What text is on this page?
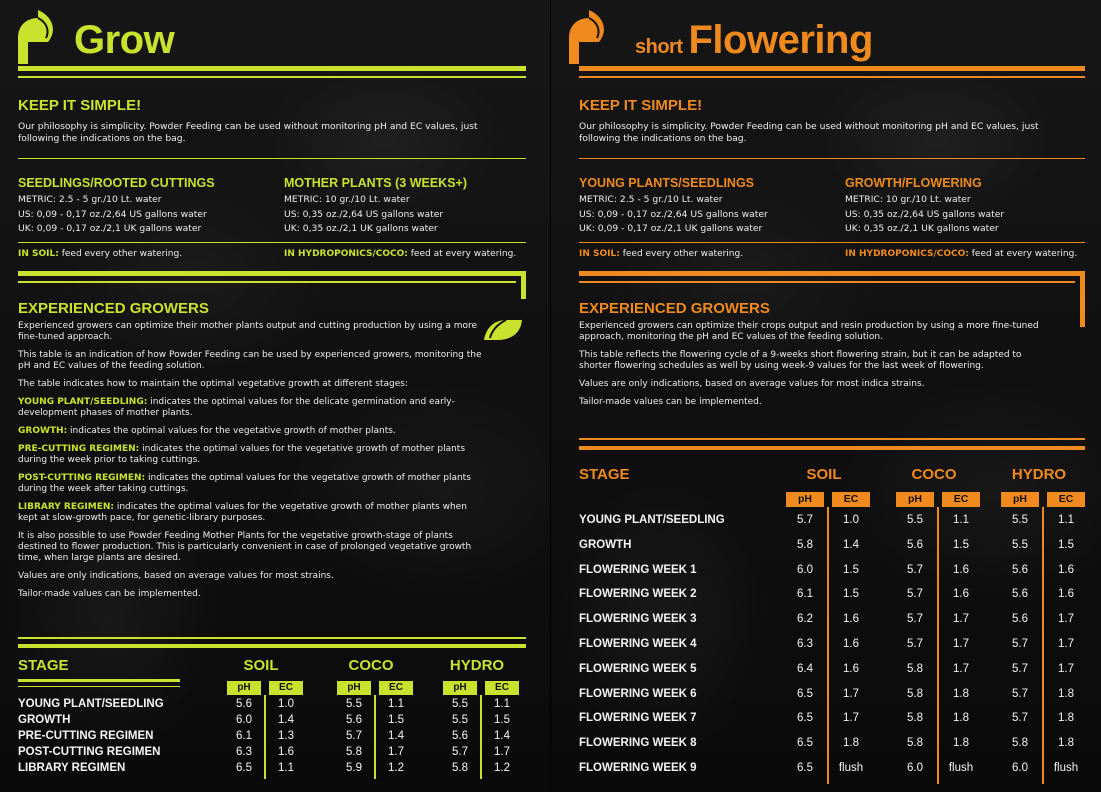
Grow
KEEP IT SIMPLE!
Our philosophy is simplicity. Powder Feeding can be used without monitoring pH and EC values, just following the indications on the bag.
SEEDLINGS/ROOTED CUTTINGS
METRIC: 2.5 - 5 gr./10 Lt. water
US: 0,09 - 0,17 oz./2,64 US gallons water
UK: 0,09 - 0,17 oz./2,1 UK gallons water
MOTHER PLANTS (3 WEEKS+)
METRIC: 10 gr./10 Lt. water
US: 0,35 oz./2,64 US gallons water
UK: 0,35 oz./2,1 UK gallons water
IN SOIL: feed every other watering.	IN HYDROPONICS/COCO: feed at every watering.
EXPERIENCED GROWERS
Experienced growers can optimize their mother plants output and cutting production by using a more fine-tuned approach.
This table is an indication of how Powder Feeding can be used by experienced growers, monitoring the pH and EC values of the feeding solution.
The table indicates how to maintain the optimal vegetative growth at different stages:
YOUNG PLANT/SEEDLING: indicates the optimal values for the delicate germination and early-development phases of mother plants.
GROWTH: indicates the optimal values for the vegetative growth of mother plants.
PRE-CUTTING REGIMEN: indicates the optimal values for the vegetative growth of mother plants during the week prior to taking cuttings.
POST-CUTTING REGIMEN: indicates the optimal values for the vegetative growth of mother plants during the week after taking cuttings.
LIBRARY REGIMEN: indicates the optimal values for the vegetative growth of mother plants when kept at slow-growth pace, for genetic-library purposes.
It is also possible to use Powder Feeding Mother Plants for the vegetative growth-stage of plants destined to flower production. This is particularly convenient in case of prolonged vegetative growth time, when large plants are desired.
Values are only indications, based on average values for most strains.
Tailor-made values can be implemented.
STAGE	SOIL
pH	EC
COCO
pH	EC
HYDRO
pH	EC
YOUNG PLANT/SEEDLING	5.6	1.0	5.5	1.1	5.5	1.1
GROWTH	6.0	1.4	5.6	1.5	5.5	1.5
PRE-CUTTING REGIMEN	6.1	1.3	5.7	1.4	5.6	1.4
POST-CUTTING REGIMEN	6.3	1.6	5.8	1.7	5.7	1.7
LIBRARY REGIMEN	6.5	1.1	5.9	1.2	5.8	1.2
short Flowering
KEEP IT SIMPLE!
Our philosophy is simplicity. Powder Feeding can be used without monitoring pH and EC values, just following the indications on the bag.
YOUNG PLANTS/SEEDLINGS
METRIC: 2.5 - 5 gr./10 Lt. water
US: 0,09 - 0,17 oz./2,64 US gallons water
UK: 0,09 - 0,17 oz./2,1 UK gallons water
GROWTH/FLOWERING
METRIC: 10 gr./10 Lt. water
US: 0,35 oz./2,64 US gallons water
UK: 0,35 oz./2,1 UK gallons water
IN SOIL: feed every other watering.	IN HYDROPONICS/COCO: feed at every watering.
EXPERIENCED GROWERS
Experienced growers can optimize their crops output and resin production by using a more fine-tuned approach, monitoring the pH and EC values of the feeding solution.
This table reflects the flowering cycle of a 9-weeks short flowering strain, but it can be adapted to shorter flowering schedules as well by using week-9 values for the last week of flowering.
Values are only indications, based on average values for most indica strains.
Tailor-made values can be implemented.
STAGE	SOIL
pH	EC
COCO
pH	EC
HYDRO
pH	EC
YOUNG PLANT/SEEDLING	5.7	1.0	5.5	1.1	5.5	1.1
GROWTH	5.8	1.4	5.6	1.5	5.5	1.5
FLOWERING WEEK 1	6.0	1.5	5.7	1.6	5.6	1.6
FLOWERING WEEK 2	6.1	1.5	5.7	1.6	5.6	1.6
FLOWERING WEEK 3	6.2	1.6	5.7	1.7	5.6	1.7
FLOWERING WEEK 4	6.3	1.6	5.7	1.7	5.7	1.7
FLOWERING WEEK 5	6.4	1.6	5.8	1.7	5.7	1.7
FLOWERING WEEK 6	6.5	1.7	5.8	1.8	5.7	1.8
FLOWERING WEEK 7	6.5	1.7	5.8	1.8	5.7	1.8
FLOWERING WEEK 8	6.5	1.8	5.8	1.8	5.8	1.8
FLOWERING WEEK 9	6.5	flush	6.0	flush	6.0	flush
